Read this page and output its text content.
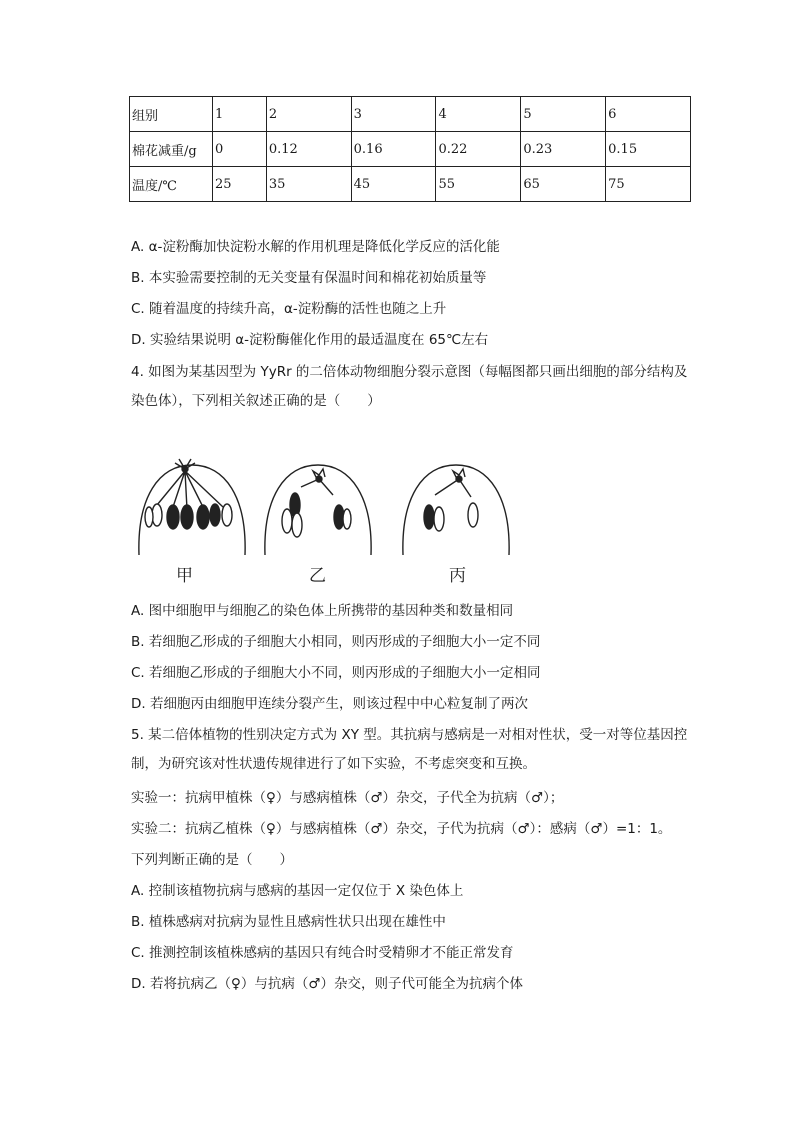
组别	1	2	3	4	5	6
棉花减重/g	0	0.12	0.16	0.22	0.23	0.15
温度/℃	25	35	45	55	65	75
A. α-淀粉酶加快淀粉水解的作用机理是降低化学反应的活化能
B. 本实验需要控制的无关变量有保温时间和棉花初始质量等
C. 随着温度的持续升高，α-淀粉酶的活性也随之上升
D. 实验结果说明 α-淀粉酶催化作用的最适温度在 65℃左右
4. 如图为某基因型为 YyRr 的二倍体动物细胞分裂示意图（每幅图都只画出细胞的部分结构及染色体），下列相关叙述正确的是（　　）
甲	乙	丙
A. 图中细胞甲与细胞乙的染色体上所携带的基因种类和数量相同
B. 若细胞乙形成的子细胞大小相同，则丙形成的子细胞大小一定不同
C. 若细胞乙形成的子细胞大小不同，则丙形成的子细胞大小一定相同
D. 若细胞丙由细胞甲连续分裂产生，则该过程中中心粒复制了两次
5. 某二倍体植物的性别决定方式为 XY 型。其抗病与感病是一对相对性状，受一对等位基因控制，为研究该对性状遗传规律进行了如下实验，不考虑突变和互换。
实验一：抗病甲植株（♀）与感病植株（♂）杂交，子代全为抗病（♂）；
实验二：抗病乙植株（♀）与感病植株（♂）杂交，子代为抗病（♂）：感病（♂）=1：1。
下列判断正确的是（　　）
A. 控制该植物抗病与感病的基因一定仅位于 X 染色体上
B. 植株感病对抗病为显性且感病性状只出现在雄性中
C. 推测控制该植株感病的基因只有纯合时受精卵才不能正常发育
D. 若将抗病乙（♀）与抗病（♂）杂交，则子代可能全为抗病个体
